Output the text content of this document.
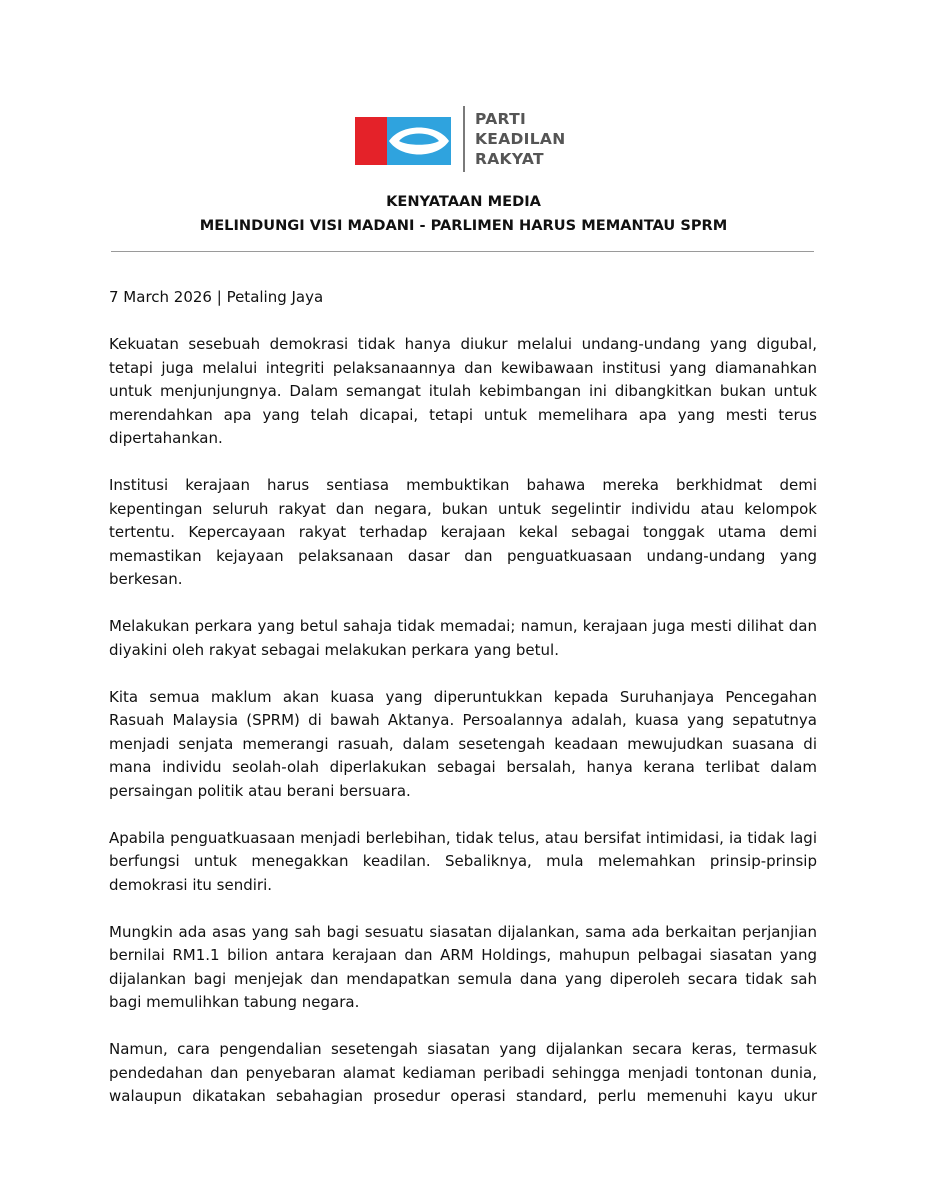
PARTI
KEADILAN
RAKYAT
KENYATAAN MEDIA
MELINDUNGI VISI MADANI - PARLIMEN HARUS MEMANTAU SPRM

7 March 2026 | Petaling Jaya

Kekuatan sesebuah demokrasi tidak hanya diukur melalui undang-undang yang digubal, tetapi juga melalui integriti pelaksanaannya dan kewibawaan institusi yang diamanahkan untuk menjunjungnya. Dalam semangat itulah kebimbangan ini dibangkitkan bukan untuk merendahkan apa yang telah dicapai, tetapi untuk memelihara apa yang mesti terus dipertahankan.

Institusi kerajaan harus sentiasa membuktikan bahawa mereka berkhidmat demi kepentingan seluruh rakyat dan negara, bukan untuk segelintir individu atau kelompok tertentu. Kepercayaan rakyat terhadap kerajaan kekal sebagai tonggak utama demi memastikan kejayaan pelaksanaan dasar dan penguatkuasaan undang-undang yang berkesan.

Melakukan perkara yang betul sahaja tidak memadai; namun, kerajaan juga mesti dilihat dan diyakini oleh rakyat sebagai melakukan perkara yang betul.

Kita semua maklum akan kuasa yang diperuntukkan kepada Suruhanjaya Pencegahan Rasuah Malaysia (SPRM) di bawah Aktanya. Persoalannya adalah, kuasa yang sepatutnya menjadi senjata memerangi rasuah, dalam sesetengah keadaan mewujudkan suasana di mana individu seolah-olah diperlakukan sebagai bersalah, hanya kerana terlibat dalam persaingan politik atau berani bersuara.

Apabila penguatkuasaan menjadi berlebihan, tidak telus, atau bersifat intimidasi, ia tidak lagi berfungsi untuk menegakkan keadilan. Sebaliknya, mula melemahkan prinsip-prinsip demokrasi itu sendiri.

Mungkin ada asas yang sah bagi sesuatu siasatan dijalankan, sama ada berkaitan perjanjian bernilai RM1.1 bilion antara kerajaan dan ARM Holdings, mahupun pelbagai siasatan yang dijalankan bagi menjejak dan mendapatkan semula dana yang diperoleh secara tidak sah bagi memulihkan tabung negara.

Namun, cara pengendalian sesetengah siasatan yang dijalankan secara keras, termasuk pendedahan dan penyebaran alamat kediaman peribadi sehingga menjadi tontonan dunia, walaupun dikatakan sebahagian prosedur operasi standard, perlu memenuhi kayu ukur
